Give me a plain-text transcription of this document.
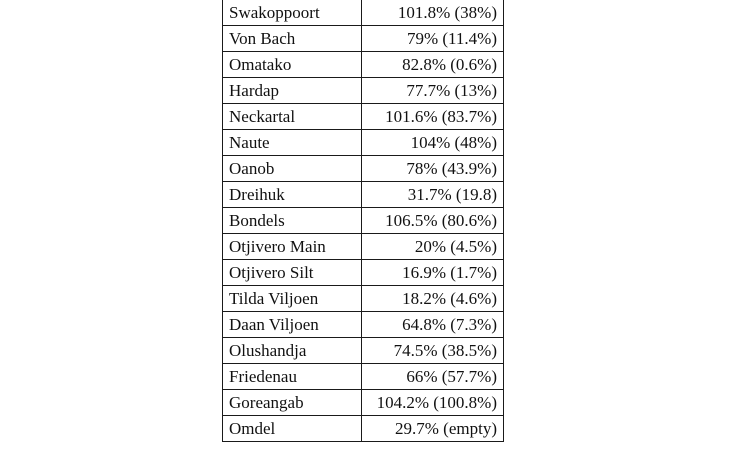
Swakoppoort	101.8% (38%)
Von Bach	79% (11.4%)
Omatako	82.8% (0.6%)
Hardap	77.7% (13%)
Neckartal	101.6% (83.7%)
Naute	104% (48%)
Oanob	78% (43.9%)
Dreihuk	31.7% (19.8)
Bondels	106.5% (80.6%)
Otjivero Main	20% (4.5%)
Otjivero Silt	16.9% (1.7%)
Tilda Viljoen	18.2% (4.6%)
Daan Viljoen	64.8% (7.3%)
Olushandja	74.5% (38.5%)
Friedenau	66% (57.7%)
Goreangab	104.2% (100.8%)
Omdel	29.7% (empty)
